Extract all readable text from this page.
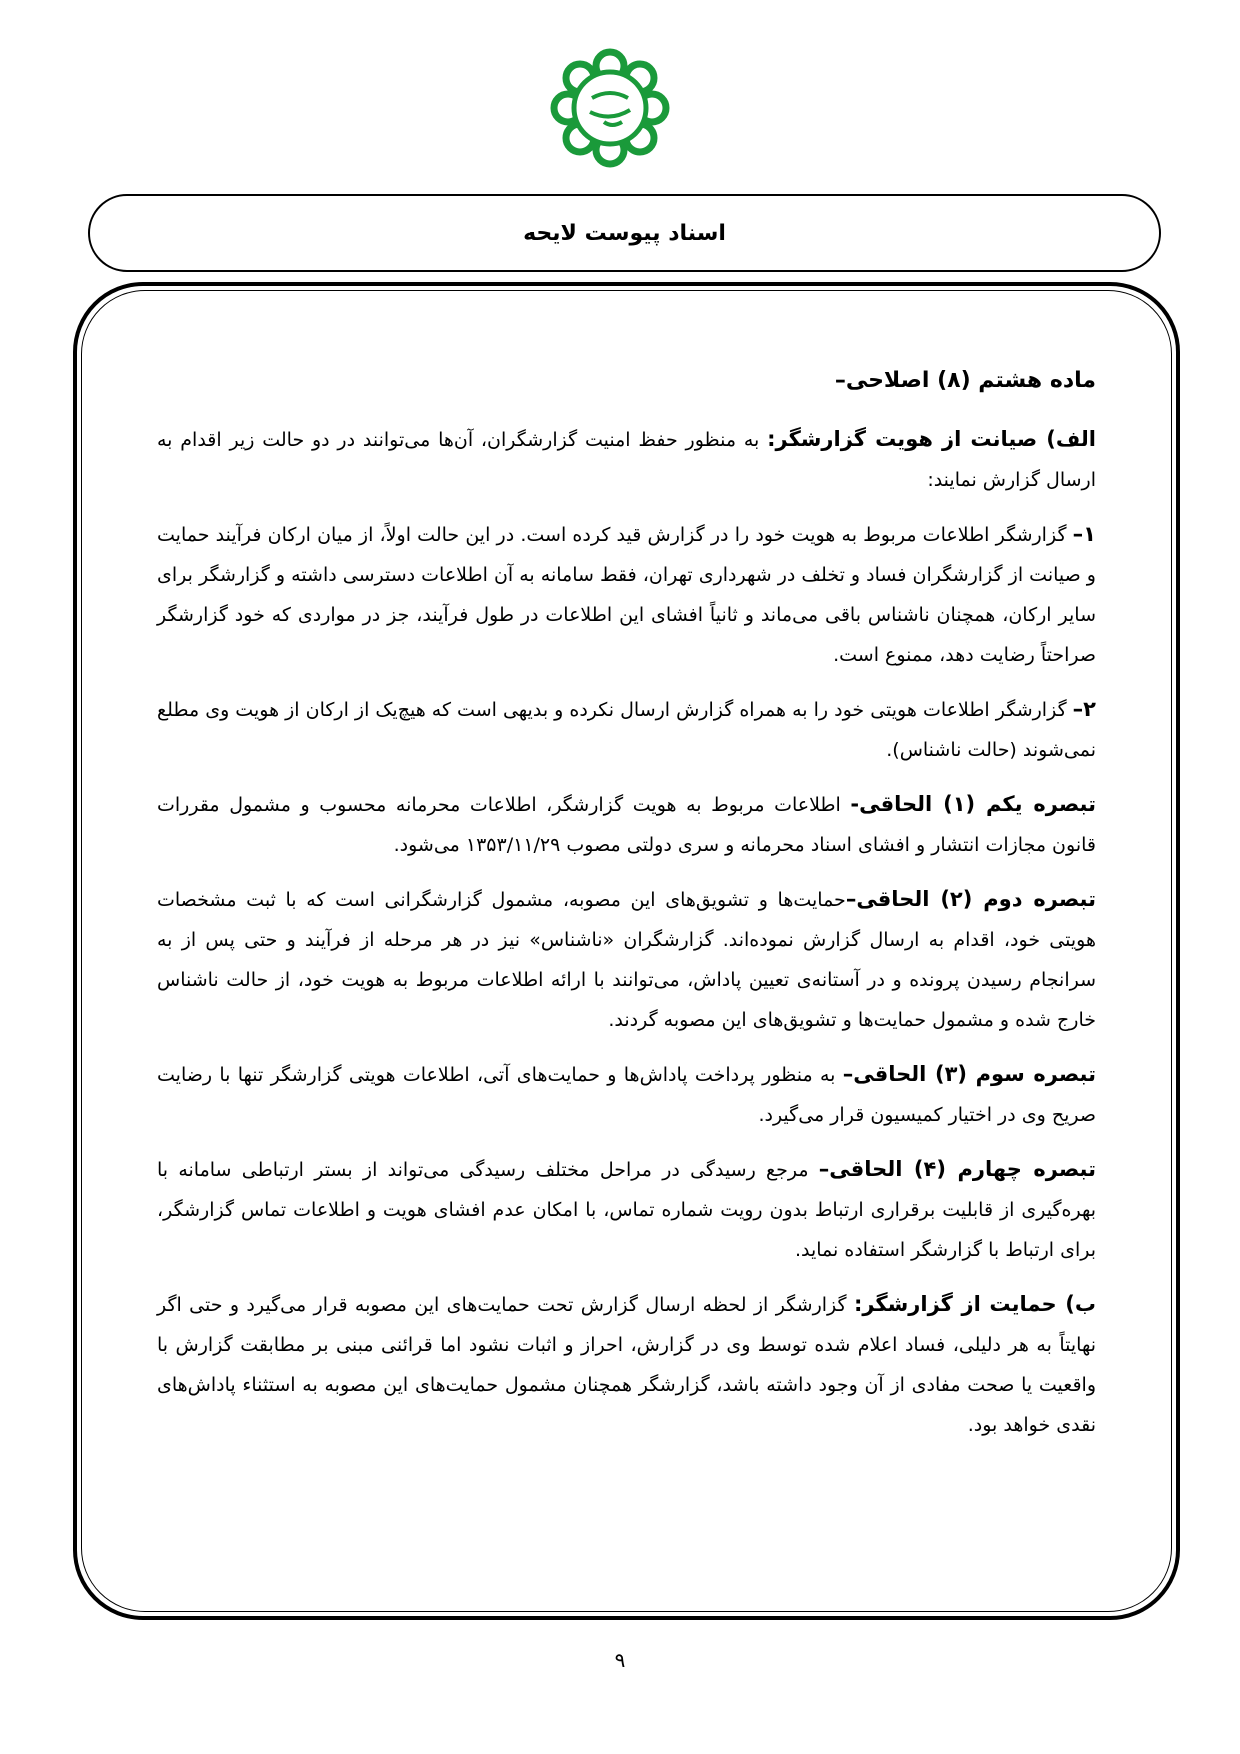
اسناد پیوست لایحه
ماده هشتم (۸) اصلاحی–

الف) صیانت از هویت گزارشگر: به منظور حفظ امنیت گزارشگران، آن‌ها می‌توانند در دو حالت زیر اقدام به ارسال گزارش نمایند:

۱– گزارشگر اطلاعات مربوط به هویت خود را در گزارش قید کرده است. در این حالت اولاً، از میان ارکان فرآیند حمایت و صیانت از گزارشگران فساد و تخلف در شهرداری تهران، فقط سامانه به آن اطلاعات دسترسی داشته و گزارشگر برای سایر ارکان، همچنان ناشناس باقی می‌ماند و ثانیاً افشای این اطلاعات در طول فرآیند، جز در مواردی که خود گزارشگر صراحتاً رضایت دهد، ممنوع است.

۲– گزارشگر اطلاعات هویتی خود را به همراه گزارش ارسال نکرده و بدیهی است که هیچ‌یک از ارکان از هویت وی مطلع نمی‌شوند (حالت ناشناس).

تبصره یکم (۱) الحاقی- اطلاعات مربوط به هویت گزارشگر، اطلاعات محرمانه محسوب و مشمول مقررات قانون مجازات انتشار و افشای اسناد محرمانه و سری دولتی مصوب ۱۳۵۳/۱۱/۲۹ می‌شود.

تبصره دوم (۲) الحاقی–حمایت‌ها و تشویق‌های این مصوبه، مشمول گزارشگرانی است که با ثبت مشخصات هویتی خود، اقدام به ارسال گزارش نموده‌اند. گزارشگران «ناشناس» نیز در هر مرحله از فرآیند و حتی پس از به سرانجام رسیدن پرونده و در آستانه‌ی تعیین پاداش، می‌توانند با ارائه اطلاعات مربوط به هویت خود، از حالت ناشناس خارج شده و مشمول حمایت‌ها و تشویق‌های این مصوبه گردند.

تبصره سوم (۳) الحاقی– به منظور پرداخت پاداش‌ها و حمایت‌های آتی، اطلاعات هویتی گزارشگر تنها با رضایت صریح وی در اختیار کمیسیون قرار می‌گیرد.

تبصره چهارم (۴) الحاقی– مرجع رسیدگی در مراحل مختلف رسیدگی می‌تواند از بستر ارتباطی سامانه با بهره‌گیری از قابلیت برقراری ارتباط بدون رویت شماره تماس، با امکان عدم افشای هویت و اطلاعات تماس گزارشگر، برای ارتباط با گزارشگر استفاده نماید.

ب) حمایت از گزارشگر: گزارشگر از لحظه ارسال گزارش تحت حمایت‌های این مصوبه قرار می‌گیرد و حتی اگر نهایتاً به هر دلیلی، فساد اعلام شده توسط وی در گزارش، احراز و اثبات نشود اما قرائنی مبنی بر مطابقت گزارش با واقعیت یا صحت مفادی از آن وجود داشته باشد، گزارشگر همچنان مشمول حمایت‌های این مصوبه به استثناء پاداش‌های نقدی خواهد بود.

۹
